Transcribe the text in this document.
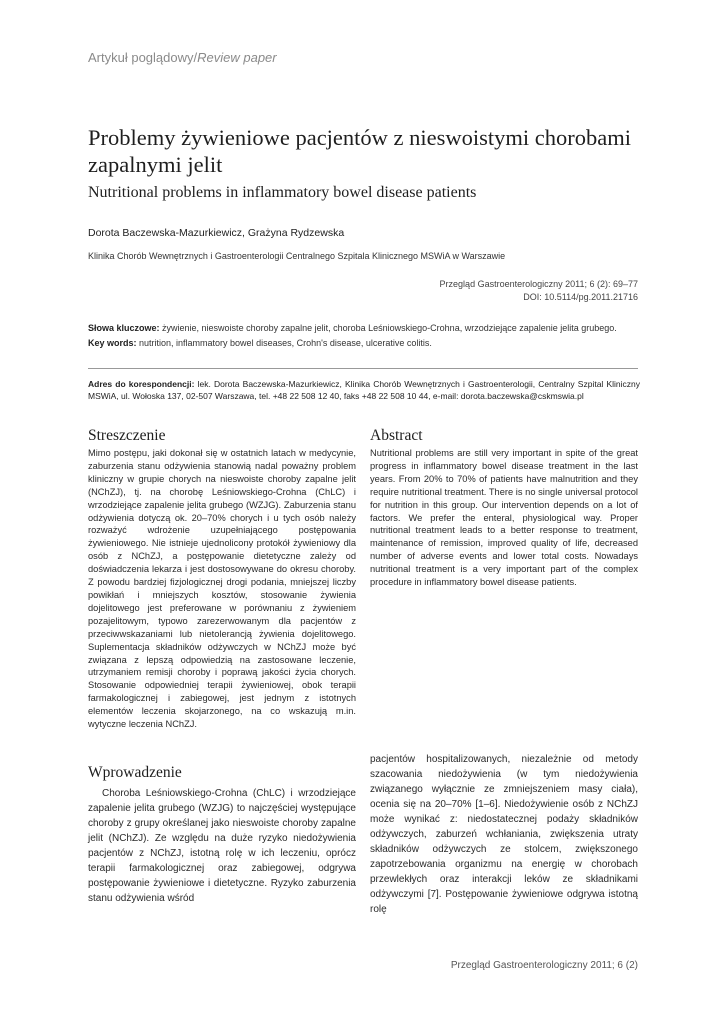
Artykuł poglądowy/Review paper
Problemy żywieniowe pacjentów z nieswoistymi chorobami zapalnymi jelit
Nutritional problems in inflammatory bowel disease patients
Dorota Baczewska-Mazurkiewicz, Grażyna Rydzewska
Klinika Chorób Wewnętrznych i Gastroenterologii Centralnego Szpitala Klinicznego MSWiA w Warszawie
Przegląd Gastroenterologiczny 2011; 6 (2): 69–77
DOI: 10.5114/pg.2011.21716
Słowa kluczowe: żywienie, nieswoiste choroby zapalne jelit, choroba Leśniowskiego-Crohna, wrzodziejące zapalenie jelita grubego.
Key words: nutrition, inflammatory bowel diseases, Crohn's disease, ulcerative colitis.
Adres do korespondencji: lek. Dorota Baczewska-Mazurkiewicz, Klinika Chorób Wewnętrznych i Gastroenterologii, Centralny Szpital Kliniczny MSWiA, ul. Wołoska 137, 02-507 Warszawa, tel. +48 22 508 12 40, faks +48 22 508 10 44, e-mail: dorota.baczewska@cskmswia.pl
Streszczenie

Mimo postępu, jaki dokonał się w ostatnich latach w medycynie, zaburzenia stanu odżywienia stanowią nadal poważny problem kliniczny w grupie chorych na nieswoiste choroby zapalne jelit (NChZJ), tj. na chorobę Leśniowskiego-Crohna (ChLC) i wrzodziejące zapalenie jelita grubego (WZJG). Zaburzenia stanu odżywienia dotyczą ok. 20–70% chorych i u tych osób należy rozważyć wdrożenie uzupełniającego postępowania żywieniowego. Nie istnieje ujednolicony protokół żywieniowy dla osób z NChZJ, a postępowanie dietetyczne zależy od doświadczenia lekarza i jest dostosowywane do okresu choroby. Z powodu bardziej fizjologicznej drogi podania, mniejszej liczby powikłań i mniejszych kosztów, stosowanie żywienia dojelitowego jest preferowane w porównaniu z żywieniem pozajelitowym, typowo zarezerwowanym dla pacjentów z przeciwwskazaniami lub nietolerancją żywienia dojelitowego. Suplementacja składników odżywczych w NChZJ może być związana z lepszą odpowiedzią na zastosowane leczenie, utrzymaniem remisji choroby i poprawą jakości życia chorych. Stosowanie odpowiedniej terapii żywieniowej, obok terapii farmakologicznej i zabiegowej, jest jednym z istotnych elementów leczenia skojarzonego, na co wskazują m.in. wytyczne leczenia NChZJ.

Abstract

Nutritional problems are still very important in spite of the great progress in inflammatory bowel disease treatment in the last years. From 20% to 70% of patients have malnutrition and they require nutritional treatment. There is no single universal protocol for nutrition in this group. Our intervention depends on a lot of factors. We prefer the enteral, physiological way. Proper nutritional treatment leads to a better response to treatment, maintenance of remission, improved quality of life, decreased number of adverse events and lower total costs. Nowadays nutritional treatment is a very important part of the complex procedure in inflammatory bowel disease patients.

Wprowadzenie

Choroba Leśniowskiego-Crohna (ChLC) i wrzodziejące zapalenie jelita grubego (WZJG) to najczęściej występujące choroby z grupy określanej jako nieswoiste choroby zapalne jelit (NChZJ). Ze względu na duże ryzyko niedożywienia pacjentów z NChZJ, istotną rolę w ich leczeniu, oprócz terapii farmakologicznej oraz zabiegowej, odgrywa postępowanie żywieniowe i dietetyczne. Ryzyko zaburzenia stanu odżywienia wśród

pacjentów hospitalizowanych, niezależnie od metody szacowania niedożywienia (w tym niedożywienia związanego wyłącznie ze zmniejszeniem masy ciała), ocenia się na 20–70% [1–6]. Niedożywienie osób z NChZJ może wynikać z: niedostatecznej podaży składników odżywczych, zaburzeń wchłaniania, zwiększenia utraty składników odżywczych ze stolcem, zwiększonego zapotrzebowania organizmu na energię w chorobach przewlekłych oraz interakcji leków ze składnikami odżywczymi [7]. Postępowanie żywieniowe odgrywa istotną rolę

Przegląd Gastroenterologiczny 2011; 6 (2)
